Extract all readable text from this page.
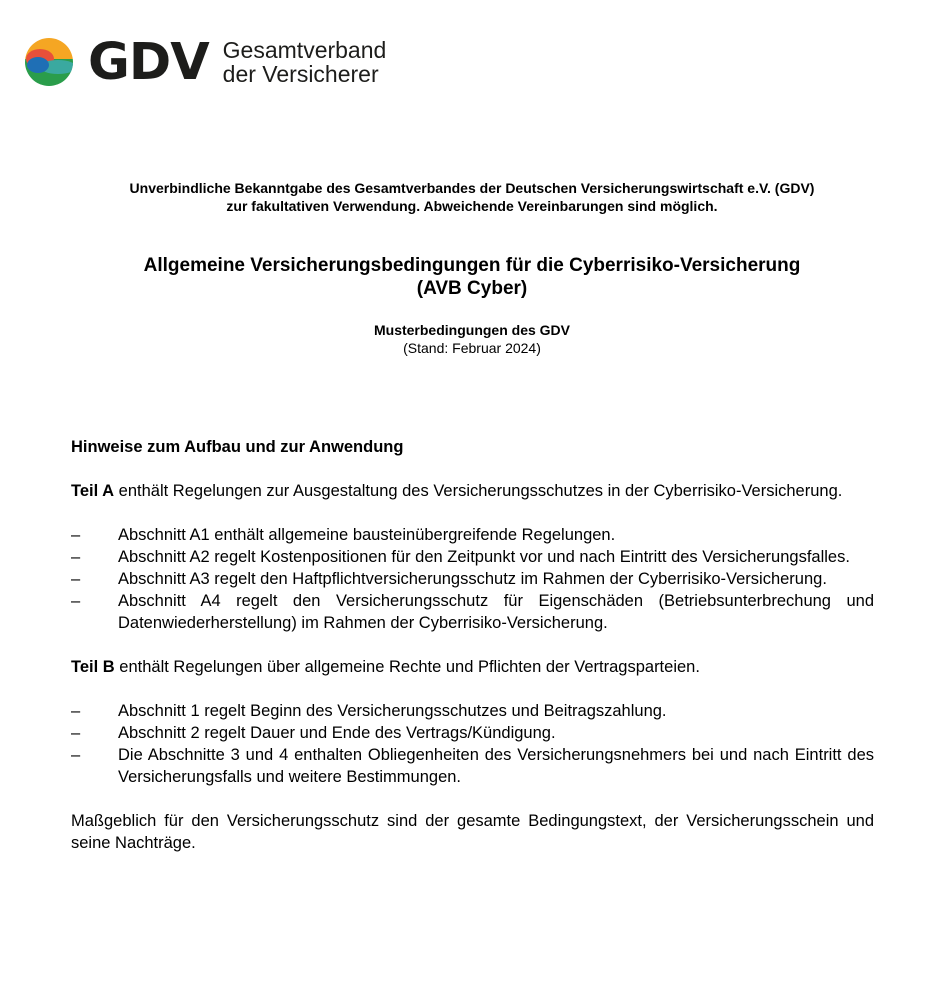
GDV Gesamtverband
der Versicherer
Unverbindliche Bekanntgabe des Gesamtverbandes der Deutschen Versicherungswirtschaft e.V. (GDV)
zur fakultativen Verwendung. Abweichende Vereinbarungen sind möglich.
Allgemeine Versicherungsbedingungen für die Cyberrisiko-Versicherung
(AVB Cyber)
Musterbedingungen des GDV
(Stand: Februar 2024)
Hinweise zum Aufbau und zur Anwendung

Teil A enthält Regelungen zur Ausgestaltung des Versicherungsschutzes in der Cyberrisiko-Versicherung.

– Abschnitt A1 enthält allgemeine bausteinübergreifende Regelungen.
– Abschnitt A2 regelt Kostenpositionen für den Zeitpunkt vor und nach Eintritt des Versicherungsfalles.
– Abschnitt A3 regelt den Haftpflichtversicherungsschutz im Rahmen der Cyberrisiko-Versicherung.
– Abschnitt A4 regelt den Versicherungsschutz für Eigenschäden (Betriebsunterbrechung und Datenwiederherstellung) im Rahmen der Cyberrisiko-Versicherung.

Teil B enthält Regelungen über allgemeine Rechte und Pflichten der Vertragsparteien.

– Abschnitt 1 regelt Beginn des Versicherungsschutzes und Beitragszahlung.
– Abschnitt 2 regelt Dauer und Ende des Vertrags/Kündigung.
– Die Abschnitte 3 und 4 enthalten Obliegenheiten des Versicherungsnehmers bei und nach Eintritt des Versicherungsfalls und weitere Bestimmungen.

Maßgeblich für den Versicherungsschutz sind der gesamte Bedingungstext, der Versicherungsschein und seine Nachträge.
